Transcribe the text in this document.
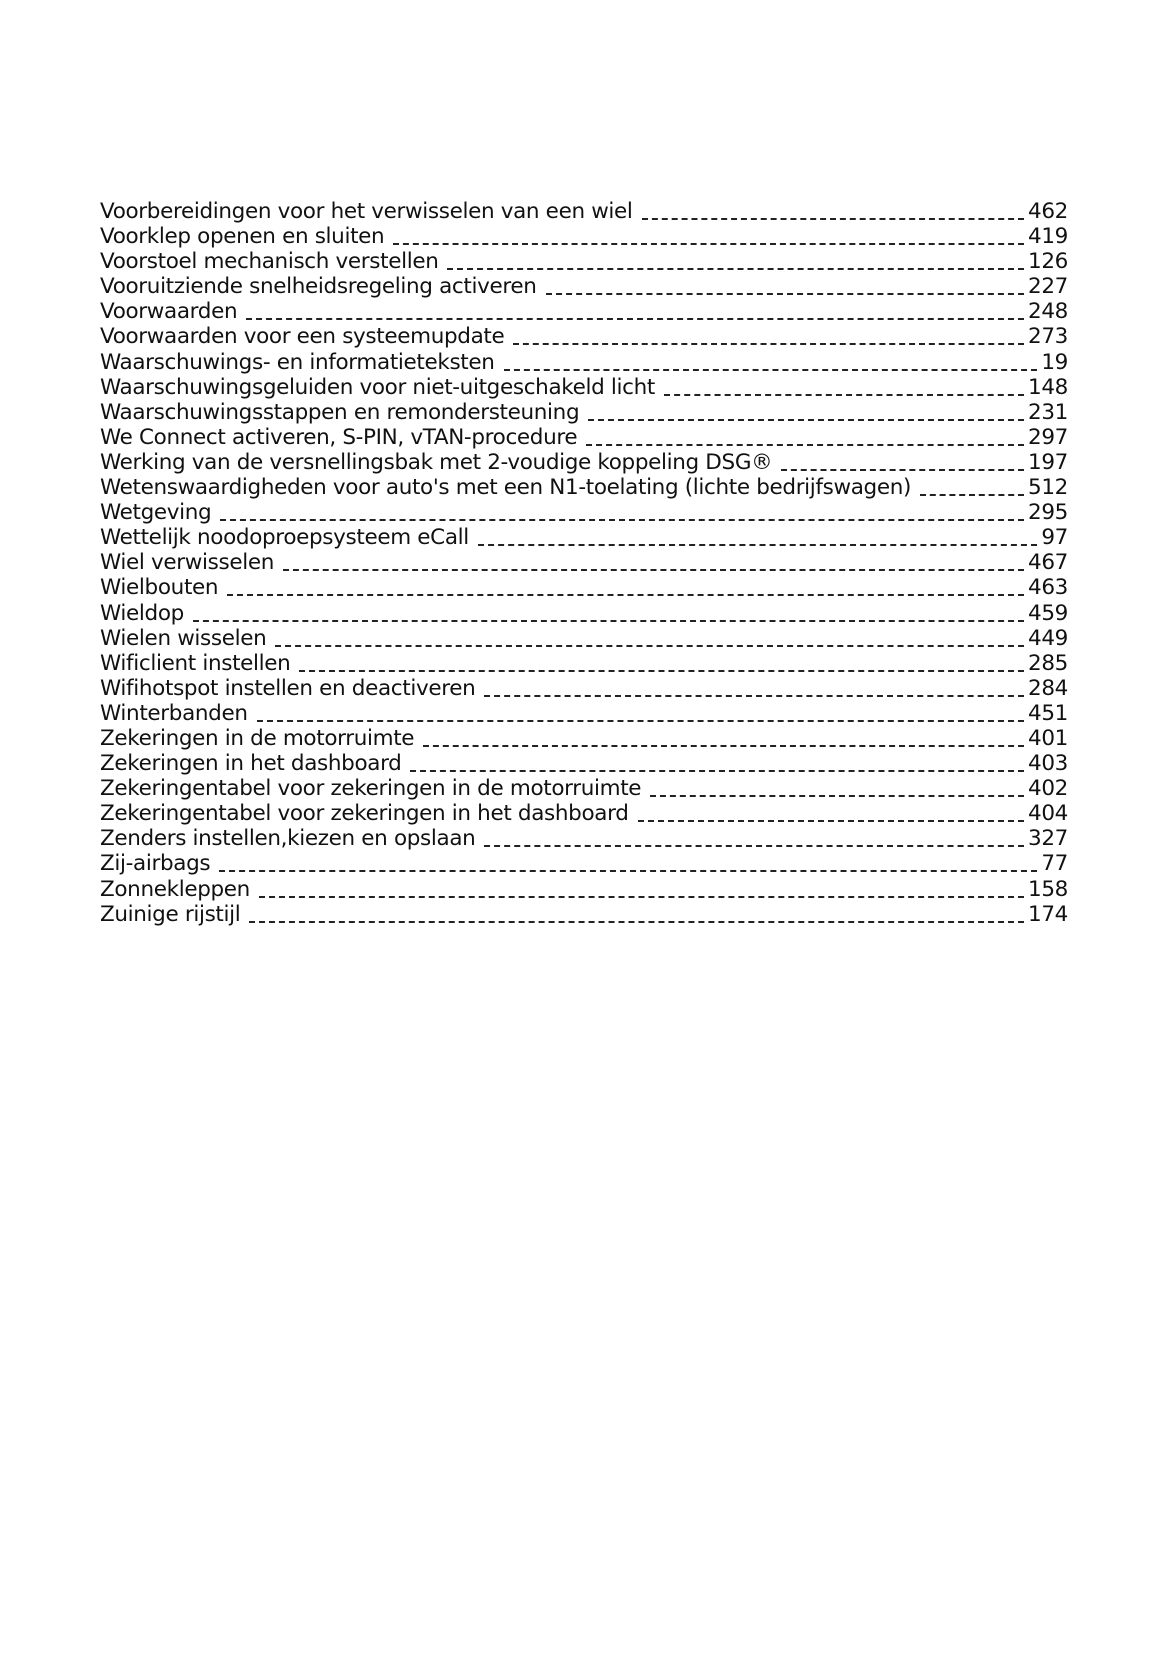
Voorbereidingen voor het verwisselen van een wiel	462
Voorklep openen en sluiten	419
Voorstoel mechanisch verstellen	126
Vooruitziende snelheidsregeling activeren	227
Voorwaarden	248
Voorwaarden voor een systeemupdate	273
Waarschuwings- en informatieteksten	19
Waarschuwingsgeluiden voor niet-uitgeschakeld licht	148
Waarschuwingsstappen en remondersteuning	231
We Connect activeren, S-PIN, vTAN-procedure	297
Werking van de versnellingsbak met 2-voudige koppeling DSG®	197
Wetenswaardigheden voor auto's met een N1-toelating (lichte bedrijfswagen)	512
Wetgeving	295
Wettelijk noodoproepsysteem eCall	97
Wiel verwisselen	467
Wielbouten	463
Wieldop	459
Wielen wisselen	449
Wificlient instellen	285
Wifihotspot instellen en deactiveren	284
Winterbanden	451
Zekeringen in de motorruimte	401
Zekeringen in het dashboard	403
Zekeringentabel voor zekeringen in de motorruimte	402
Zekeringentabel voor zekeringen in het dashboard	404
Zenders instellen,kiezen en opslaan	327
Zij-airbags	77
Zonnekleppen	158
Zuinige rijstijl	174
